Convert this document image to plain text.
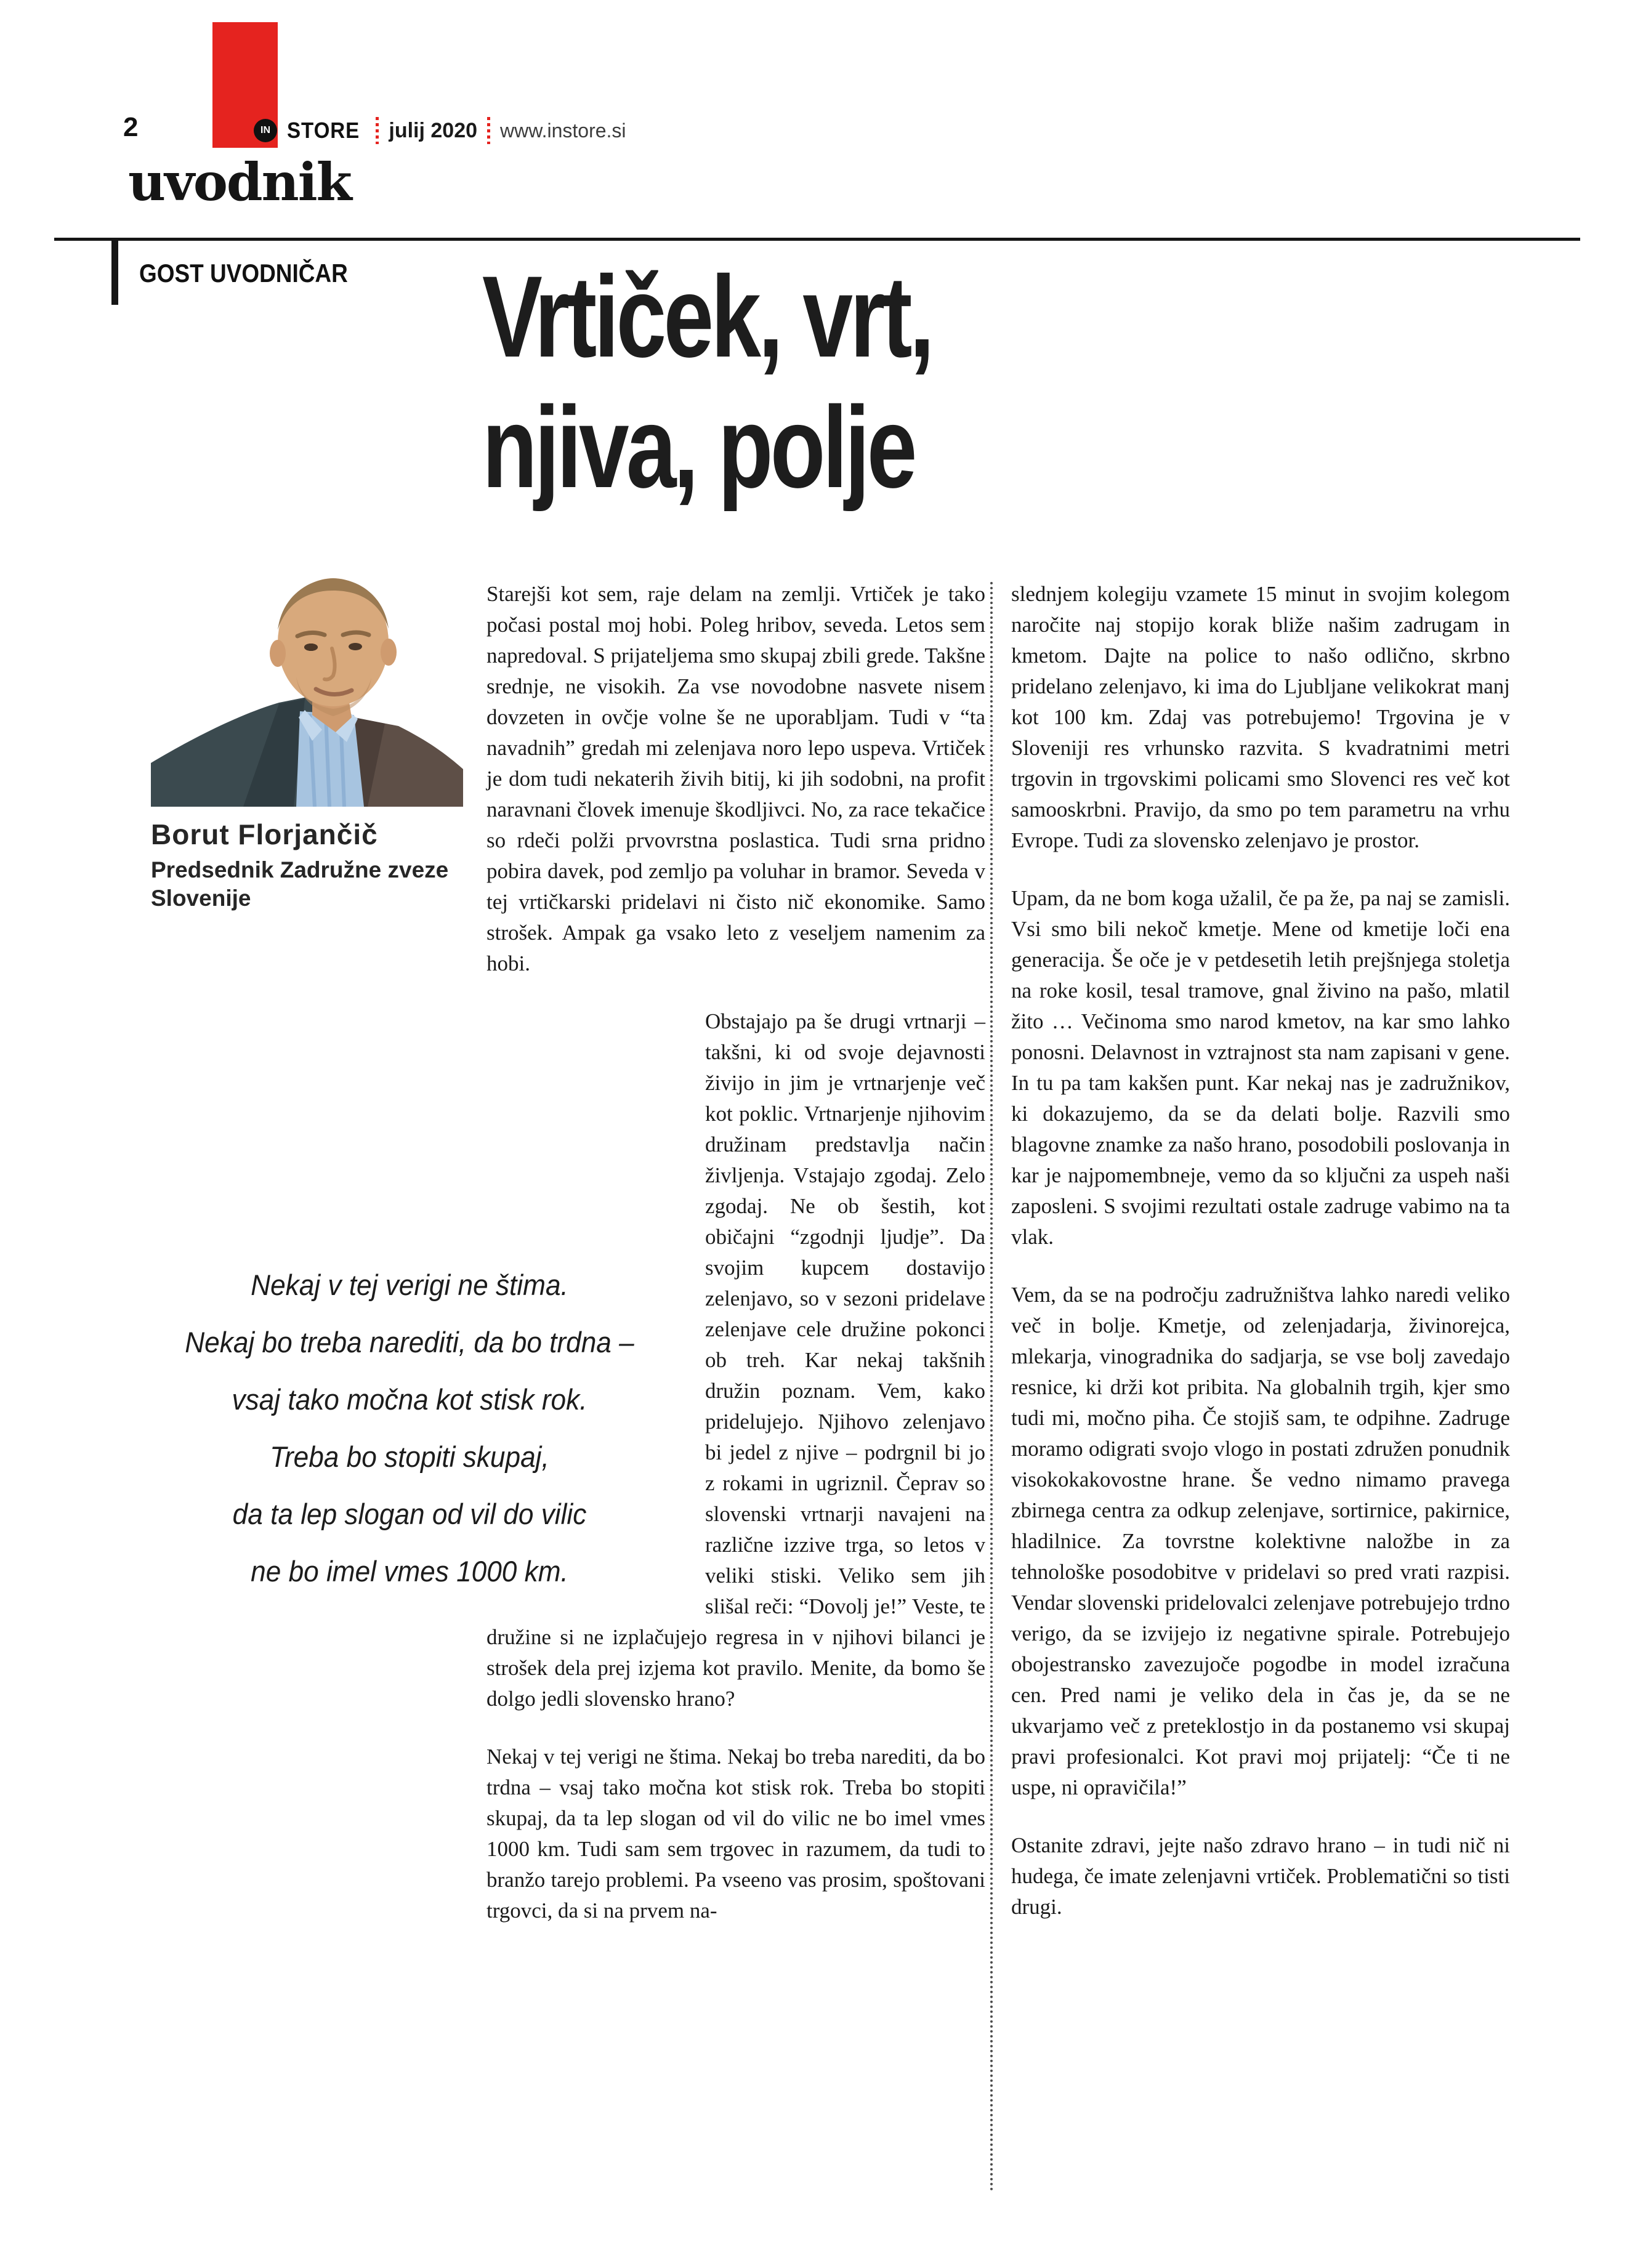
2	IN STORE julij 2020 www.instore.si
uvodnik
GOST UVODNIČAR Vrtiček, vrt,
njiva, polje
Borut Florjančič
Predsednik Zadružne zveze
Slovenije
Nekaj v tej verigi ne štima.
Nekaj bo treba narediti, da bo trdna –
vsaj tako močna kot stisk rok.
Treba bo stopiti skupaj,
da ta lep slogan od vil do vilic
ne bo imel vmes 1000 km.

Starejši kot sem, raje delam na zemlji. Vrtiček je tako počasi postal moj hobi. Poleg hribov, seveda. Letos sem napredoval. S prijateljema smo skupaj zbili grede. Takšne srednje, ne visokih. Za vse novodobne nasvete nisem dovzeten in ovčje volne še ne uporabljam. Tudi v “ta navadnih” gredah mi zelenjava noro lepo uspeva. Vrtiček je dom tudi nekaterih živih bitij, ki jih sodobni, na profit naravnani človek imenuje škodljivci. No, za race tekačice so rdeči polži prvovrstna poslastica. Tudi srna pridno pobira davek, pod zemljo pa voluhar in bramor. Seveda v tej vrtičkarski pridelavi ni čisto nič ekonomike. Samo strošek. Ampak ga vsako leto z veseljem namenim za hobi.

Obstajajo pa še drugi vrtnarji – takšni, ki od svoje dejavnosti živijo in jim je vrtnarjenje več kot poklic. Vrtnarjenje njihovim družinam predstavlja način življenja. Vstajajo zgodaj. Zelo zgodaj. Ne ob šestih, kot običajni “zgodnji ljudje”. Da svojim kupcem dostavijo zelenjavo, so v sezoni pridelave zelenjave cele družine pokonci ob treh. Kar nekaj takšnih družin poznam. Vem, kako pridelujejo. Njihovo zelenjavo bi jedel z njive – podrgnil bi jo z rokami in ugriznil. Čeprav so slovenski vrtnarji navajeni na različne izzive trga, so letos v veliki stiski. Veliko sem jih slišal reči: “Dovolj je!” Veste, te družine si ne izplačujejo regresa in v njihovi bilanci je strošek dela prej izjema kot pravilo. Menite, da bomo še dolgo jedli slovensko hrano?

Nekaj v tej verigi ne štima. Nekaj bo treba narediti, da bo trdna – vsaj tako močna kot stisk rok. Treba bo stopiti skupaj, da ta lep slogan od vil do vilic ne bo imel vmes 1000 km. Tudi sam sem trgovec in razumem, da tudi to branžo tarejo problemi. Pa vseeno vas prosim, spoštovani trgovci, da si na prvem na-

slednjem kolegiju vzamete 15 minut in svojim kolegom naročite naj stopijo korak bliže našim zadrugam in kmetom. Dajte na police to našo odlično, skrbno pridelano zelenjavo, ki ima do Ljubljane velikokrat manj kot 100 km. Zdaj vas potrebujemo! Trgovina je v Sloveniji res vrhunsko razvita. S kvadratnimi metri trgovin in trgovskimi policami smo Slovenci res več kot samooskrbni. Pravijo, da smo po tem parametru na vrhu Evrope. Tudi za slovensko zelenjavo je prostor.

Upam, da ne bom koga užalil, če pa že, pa naj se zamisli. Vsi smo bili nekoč kmetje. Mene od kmetije loči ena generacija. Še oče je v petdesetih letih prejšnjega stoletja na roke kosil, tesal tramove, gnal živino na pašo, mlatil žito … Večinoma smo narod kmetov, na kar smo lahko ponosni. Delavnost in vztrajnost sta nam zapisani v gene. In tu pa tam kakšen punt. Kar nekaj nas je zadružnikov, ki dokazujemo, da se da delati bolje. Razvili smo blagovne znamke za našo hrano, posodobili poslovanja in kar je najpomembneje, vemo da so ključni za uspeh naši zaposleni. S svojimi rezultati ostale zadruge vabimo na ta vlak.

Vem, da se na področju zadružništva lahko naredi veliko več in bolje. Kmetje, od zelenjadarja, živinorejca, mlekarja, vinogradnika do sadjarja, se vse bolj zavedajo resnice, ki drži kot pribita. Na globalnih trgih, kjer smo tudi mi, močno piha. Če stojiš sam, te odpihne. Zadruge moramo odigrati svojo vlogo in postati združen ponudnik visokokakovostne hrane. Še vedno nimamo pravega zbirnega centra za odkup zelenjave, sortirnice, pakirnice, hladilnice. Za tovrstne kolektivne naložbe in za tehnološke posodobitve v pridelavi so pred vrati razpisi. Vendar slovenski pridelovalci zelenjave potrebujejo trdno verigo, da se izvijejo iz negativne spirale. Potrebujejo obojestransko zavezujoče pogodbe in model izračuna cen. Pred nami je veliko dela in čas je, da se ne ukvarjamo več z preteklostjo in da postanemo vsi skupaj pravi profesionalci. Kot pravi moj prijatelj: “Če ti ne uspe, ni opravičila!”

Ostanite zdravi, jejte našo zdravo hrano – in tudi nič ni hudega, če imate zelenjavni vrtiček. Problematični so tisti drugi.
